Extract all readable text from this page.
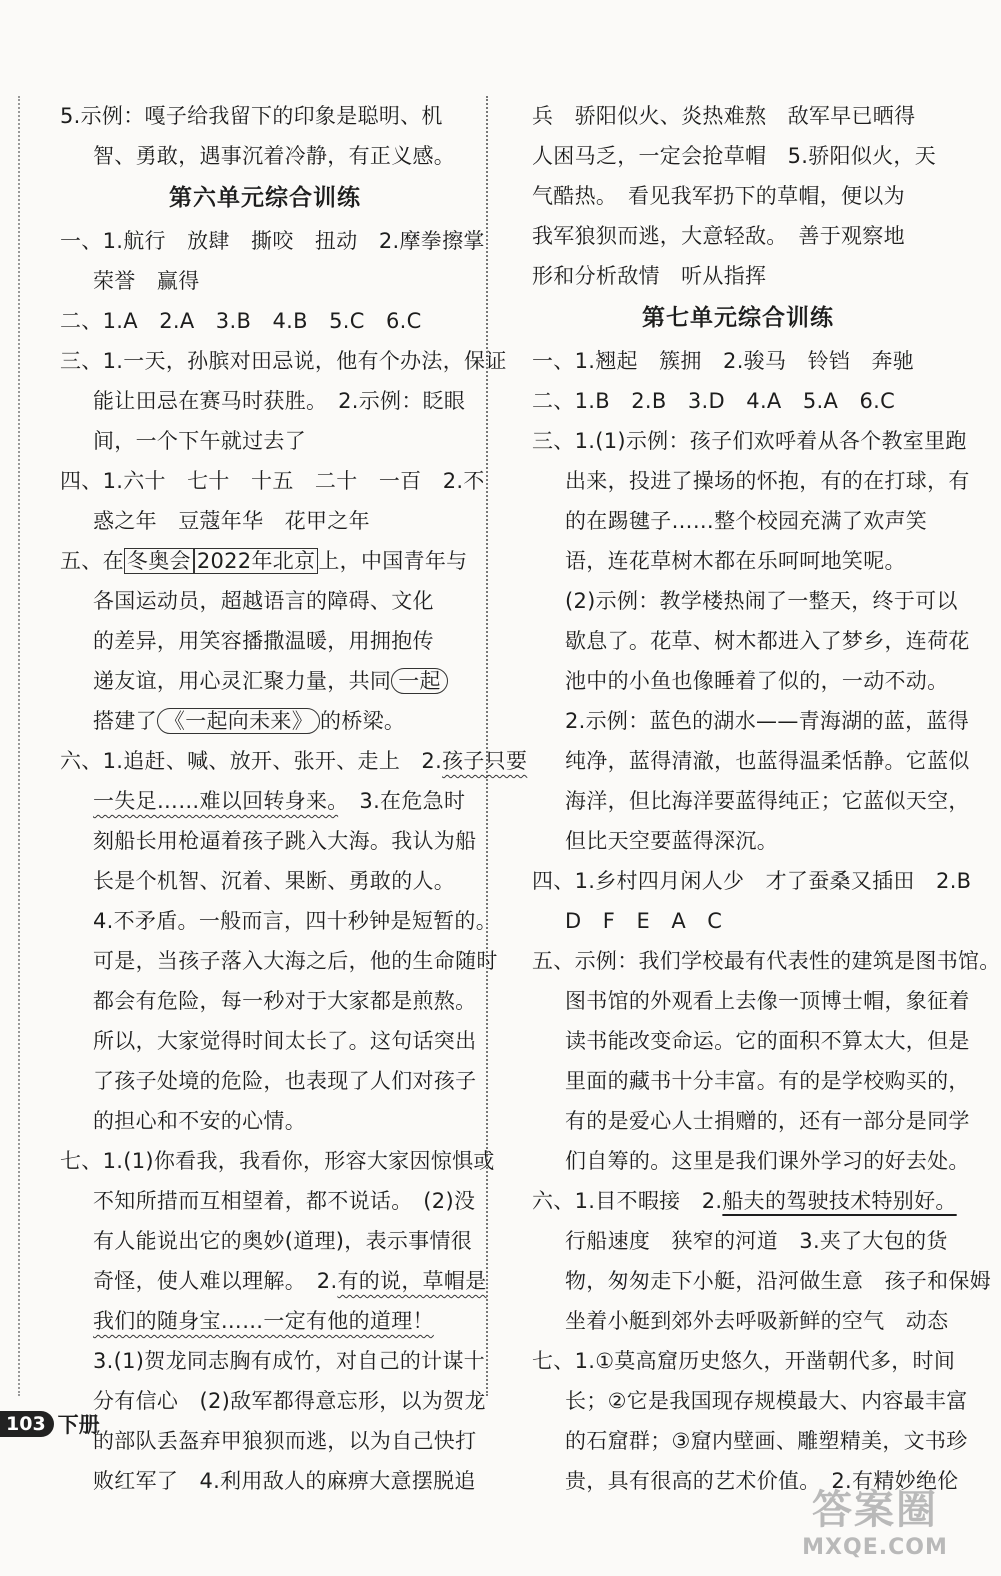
5.示例：嘎子给我留下的印象是聪明、机
智、勇敢，遇事沉着冷静，有正义感。
第六单元综合训练
一、1.航行　放肆　撕咬　扭动　2.摩拳擦掌
荣誉　赢得
二、1.A　2.A　3.B　4.B　5.C　6.C
三、1.一天，孙膑对田忌说，他有个办法，保证
能让田忌在赛马时获胜。　2.示例：眨眼
间，一个下午就过去了
四、1.六十　七十　十五　二十　一百　2.不
惑之年　豆蔻年华　花甲之年
五、在 冬奥会 2022年北京 上，中国青年与
各国运动员，超越语言的障碍、文化
的差异，用笑容播撒温暖，用拥抱传
递友谊，用心灵汇聚力量，共同 一起
搭建了 《一起向未来》 的桥梁。
六、1.追赶、喊、放开、张开、走上　2.孩子只要
一失足……难以回转身来。　3.在危急时
刻船长用枪逼着孩子跳入大海。我认为船
长是个机智、沉着、果断、勇敢的人。
4.不矛盾。一般而言，四十秒钟是短暂的。
可是，当孩子落入大海之后，他的生命随时
都会有危险，每一秒对于大家都是煎熬。
所以，大家觉得时间太长了。这句话突出
了孩子处境的危险，也表现了人们对孩子
的担心和不安的心情。
七、1.(1)你看我，我看你，形容大家因惊惧或
不知所措而互相望着，都不说话。　(2)没
有人能说出它的奥妙(道理)，表示事情很
奇怪，使人难以理解。　2.有的说，草帽是
我们的随身宝……一定有他的道理！
3.(1)贺龙同志胸有成竹，对自己的计谋十
分有信心　(2)敌军都得意忘形，以为贺龙
的部队丢盔弃甲狼狈而逃，以为自己快打
败红军了　4.利用敌人的麻痹大意摆脱追
兵　骄阳似火、炎热难熬　敌军早已晒得
人困马乏，一定会抢草帽　5.骄阳似火，天
气酷热。　看见我军扔下的草帽，便以为
我军狼狈而逃，大意轻敌。　善于观察地
形和分析敌情　听从指挥
第七单元综合训练
一、1.翘起　簇拥　2.骏马　铃铛　奔驰
二、1.B　2.B　3.D　4.A　5.A　6.C
三、1.(1)示例：孩子们欢呼着从各个教室里跑
出来，投进了操场的怀抱，有的在打球，有
的在踢毽子……整个校园充满了欢声笑
语，连花草树木都在乐呵呵地笑呢。
(2)示例：教学楼热闹了一整天，终于可以
歇息了。花草、树木都进入了梦乡，连荷花
池中的小鱼也像睡着了似的，一动不动。
2.示例：蓝色的湖水——青海湖的蓝，蓝得
纯净，蓝得清澈，也蓝得温柔恬静。它蓝似
海洋，但比海洋要蓝得纯正；它蓝似天空，
但比天空要蓝得深沉。
四、1.乡村四月闲人少　才了蚕桑又插田　2.B
D　F　E　A　C
五、示例：我们学校最有代表性的建筑是图书馆。
图书馆的外观看上去像一顶博士帽，象征着
读书能改变命运。它的面积不算太大，但是
里面的藏书十分丰富。有的是学校购买的，
有的是爱心人士捐赠的，还有一部分是同学
们自筹的。这里是我们课外学习的好去处。
六、1.目不暇接　2.船夫的驾驶技术特别好。
行船速度　狭窄的河道　3.夹了大包的货
物，匆匆走下小艇，沿河做生意　孩子和保姆
坐着小艇到郊外去呼吸新鲜的空气　动态
七、1.①莫高窟历史悠久，开凿朝代多，时间
长；②它是我国现存规模最大、内容最丰富
的石窟群；③窟内壁画、雕塑精美，文书珍
贵，具有很高的艺术价值。　2.有精妙绝伦
103 下册
答案圈
MXQE.COM
